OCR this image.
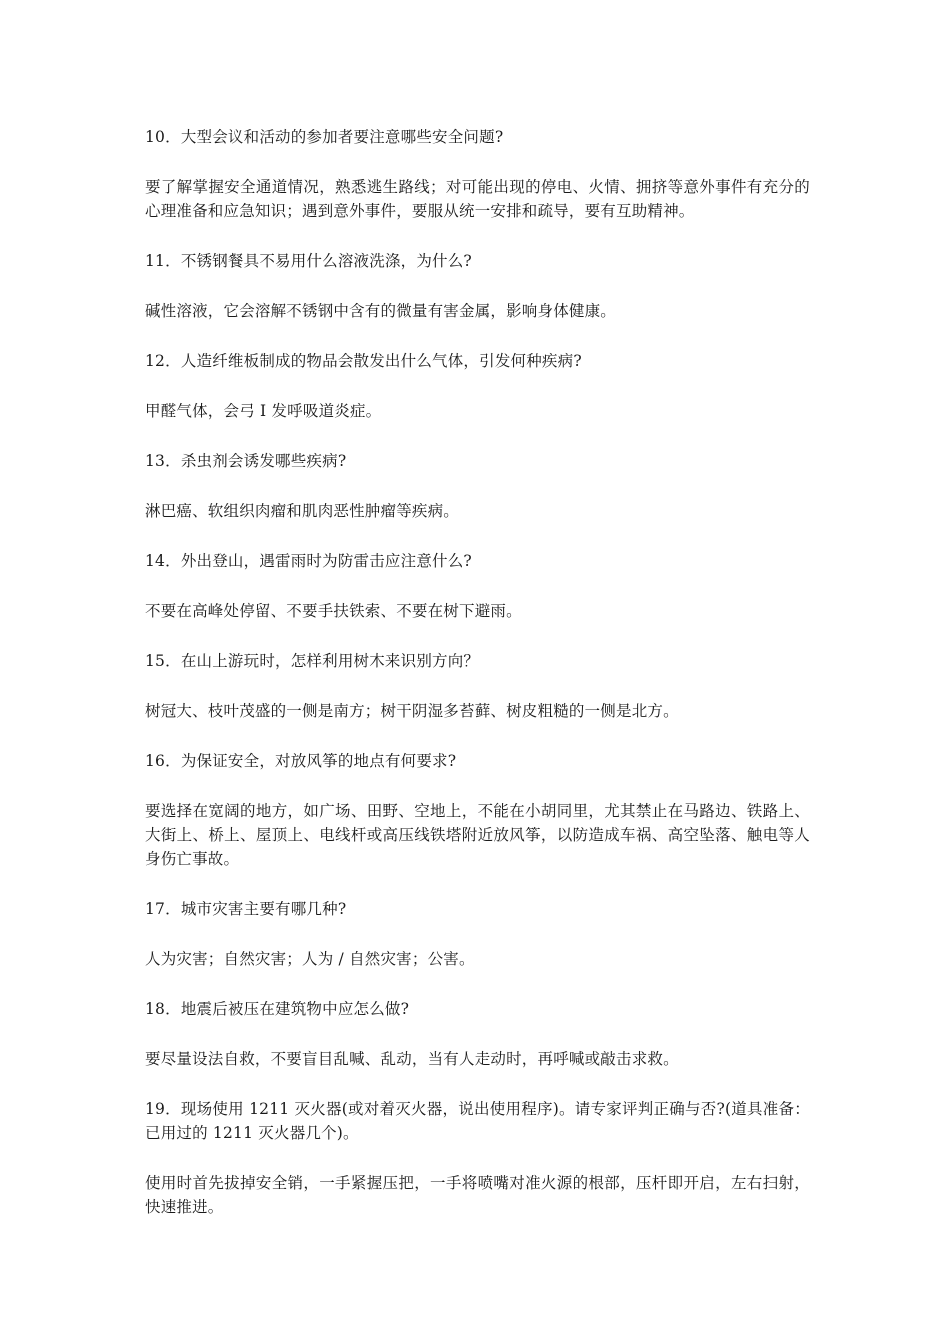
10．大型会议和活动的参加者要注意哪些安全问题?

要了解掌握安全通道情况，熟悉逃生路线；对可能出现的停电、火情、拥挤等意外事件有充分的心理准备和应急知识；遇到意外事件，要服从统一安排和疏导，要有互助精神。

11．不锈钢餐具不易用什么溶液洗涤，为什么?

碱性溶液，它会溶解不锈钢中含有的微量有害金属，影响身体健康。

12．人造纤维板制成的物品会散发出什么气体，引发何种疾病?

甲醛气体，会弓 I 发呼吸道炎症。

13．杀虫剂会诱发哪些疾病?

淋巴癌、软组织肉瘤和肌肉恶性肿瘤等疾病。

14．外出登山，遇雷雨时为防雷击应注意什么?

不要在高峰处停留、不要手扶铁索、不要在树下避雨。

15．在山上游玩时，怎样利用树木来识别方向？

树冠大、枝叶茂盛的一侧是南方；树干阴湿多苔藓、树皮粗糙的一侧是北方。

16．为保证安全，对放风筝的地点有何要求?

要选择在宽阔的地方，如广场、田野、空地上，不能在小胡同里，尤其禁止在马路边、铁路上、大街上、桥上、屋顶上、电线杆或高压线铁塔附近放风筝，以防造成车祸、高空坠落、触电等人身伤亡事故。

17．城市灾害主要有哪几种?

人为灾害；自然灾害；人为 / 自然灾害；公害。

18．地震后被压在建筑物中应怎么做?

要尽量设法自救，不要盲目乱喊、乱动，当有人走动时，再呼喊或敲击求救。

19．现场使用 1211 灭火器(或对着灭火器，说出使用程序)。请专家评判正确与否?(道具准备：已用过的 1211 灭火器几个)。

使用时首先拔掉安全销，一手紧握压把，一手将喷嘴对准火源的根部，压杆即开启，左右扫射，快速推进。
